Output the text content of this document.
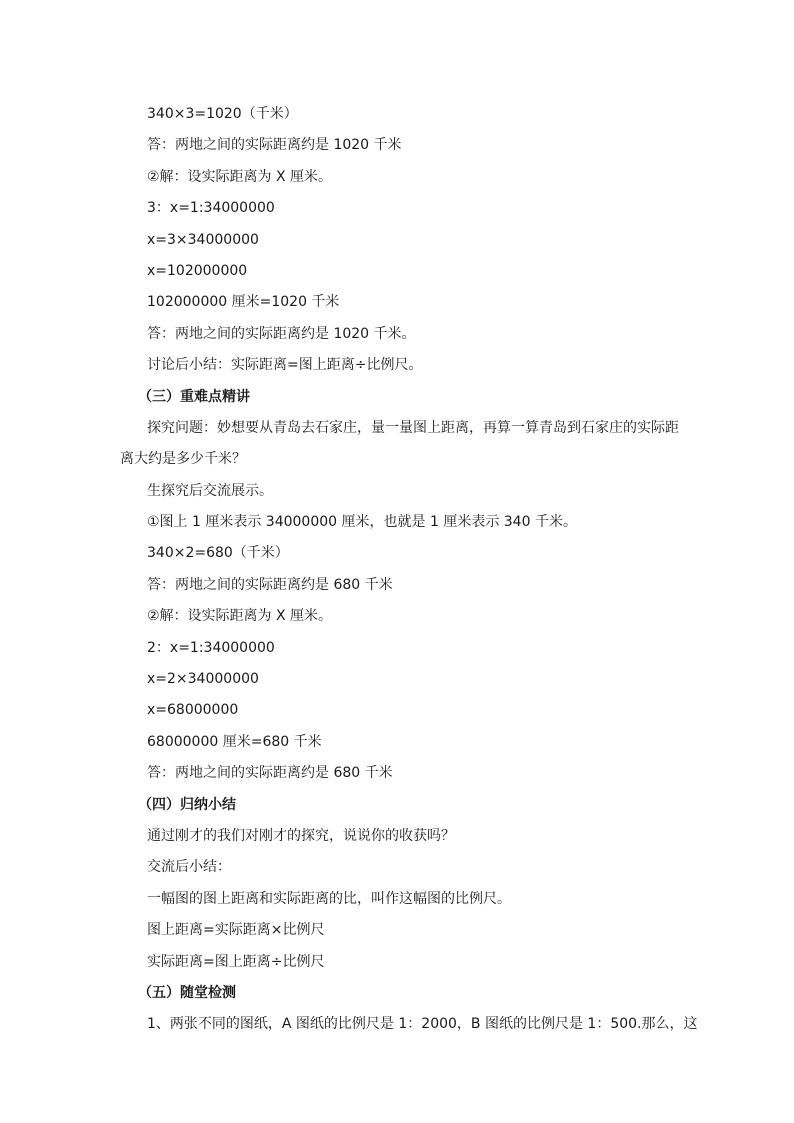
340×3=1020（千米）
答：两地之间的实际距离约是 1020 千米
②解：设实际距离为 X 厘米。
3：x=1:34000000
x=3×34000000
x=102000000
102000000 厘米=1020 千米
答：两地之间的实际距离约是 1020 千米。
讨论后小结：实际距离=图上距离÷比例尺。
（三）重难点精讲
探究问题：妙想要从青岛去石家庄，量一量图上距离，再算一算青岛到石家庄的实际距
离大约是多少千米？
生探究后交流展示。
①图上 1 厘米表示 34000000 厘米，也就是 1 厘米表示 340 千米。
340×2=680（千米）
答：两地之间的实际距离约是 680 千米
②解：设实际距离为 X 厘米。
2：x=1:34000000
x=2×34000000
x=68000000
68000000 厘米=680 千米
答：两地之间的实际距离约是 680 千米
（四）归纳小结
通过刚才的我们对刚才的探究，说说你的收获吗？
交流后小结：
一幅图的图上距离和实际距离的比，叫作这幅图的比例尺。
图上距离=实际距离×比例尺
实际距离=图上距离÷比例尺
（五）随堂检测
1、两张不同的图纸，A 图纸的比例尺是 1：2000，B 图纸的比例尺是 1：500.那么，这
